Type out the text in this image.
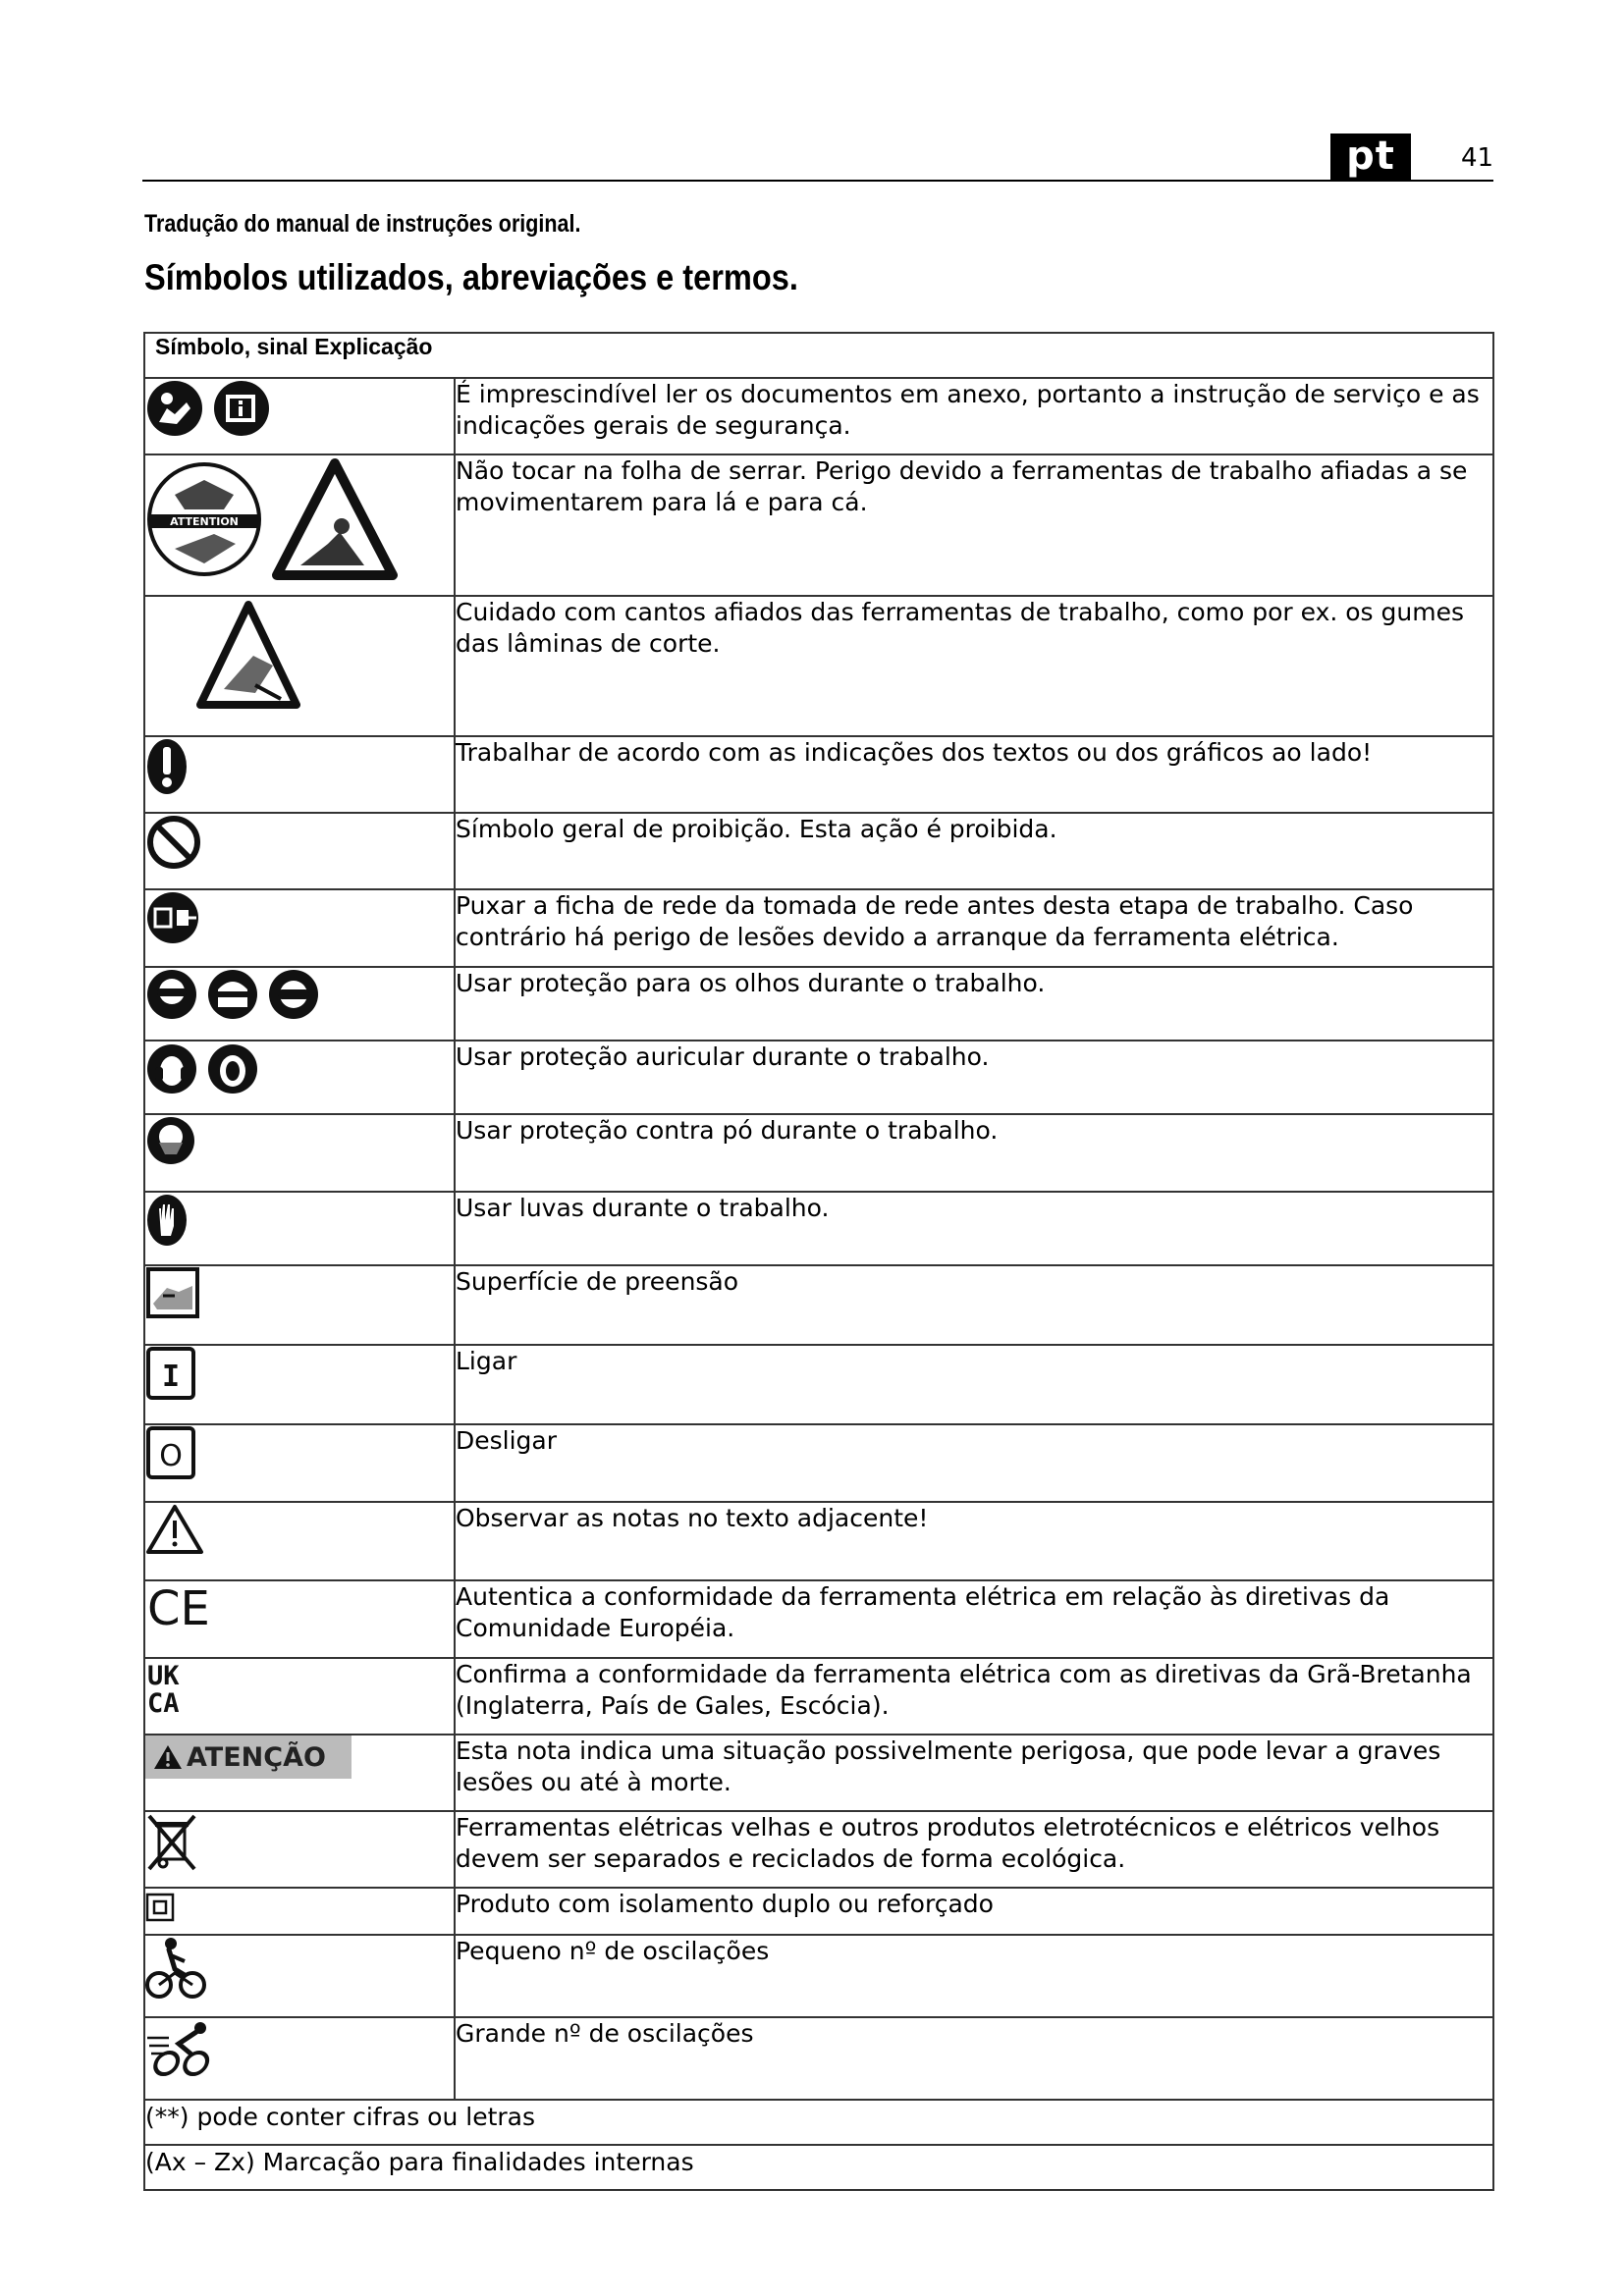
pt	41
Tradução do manual de instruções original.
Símbolos utilizados, abreviações e termos.
Símbolo, sinal Explicação	

	É imprescindível ler os documentos em anexo, portanto a instrução de serviço e as indicações gerais de segurança.

ATTENTION	Não tocar na folha de serrar. Perigo devido a ferramentas de trabalho afiadas a se movimentarem para lá e para cá.

	Cuidado com cantos afiados das ferramentas de trabalho, como por ex. os gumes das lâminas de corte.

	Trabalhar de acordo com as indicações dos textos ou dos gráficos ao lado!

	Símbolo geral de proibição. Esta ação é proibida.

	Puxar a ficha de rede da tomada de rede antes desta etapa de trabalho. Caso contrário há perigo de lesões devido a arranque da ferramenta elétrica.

	Usar proteção para os olhos durante o trabalho.

	Usar proteção auricular durante o trabalho.

	Usar proteção contra pó durante o trabalho.

	Usar luvas durante o trabalho.

	Superfície de preensão

I	Ligar

O	Desligar

	Observar as notas no texto adjacente!

CE	Autentica a conformidade da ferramenta elétrica em relação às diretivas da Comunidade Européia.

UK
CA	Confirma a conformidade da ferramenta elétrica com as diretivas da Grã-Bretanha (Inglaterra, País de Gales, Escócia).

ATENÇÃO	Esta nota indica uma situação possivelmente perigosa, que pode levar a graves lesões ou até à morte.

	Ferramentas elétricas velhas e outros produtos eletrotécnicos e elétricos velhos devem ser separados e reciclados de forma ecológica.

	Produto com isolamento duplo ou reforçado

	Pequeno nº de oscilações

	Grande nº de oscilações
(**) pode conter cifras ou letras	
(Ax – Zx) Marcação para finalidades internas	
